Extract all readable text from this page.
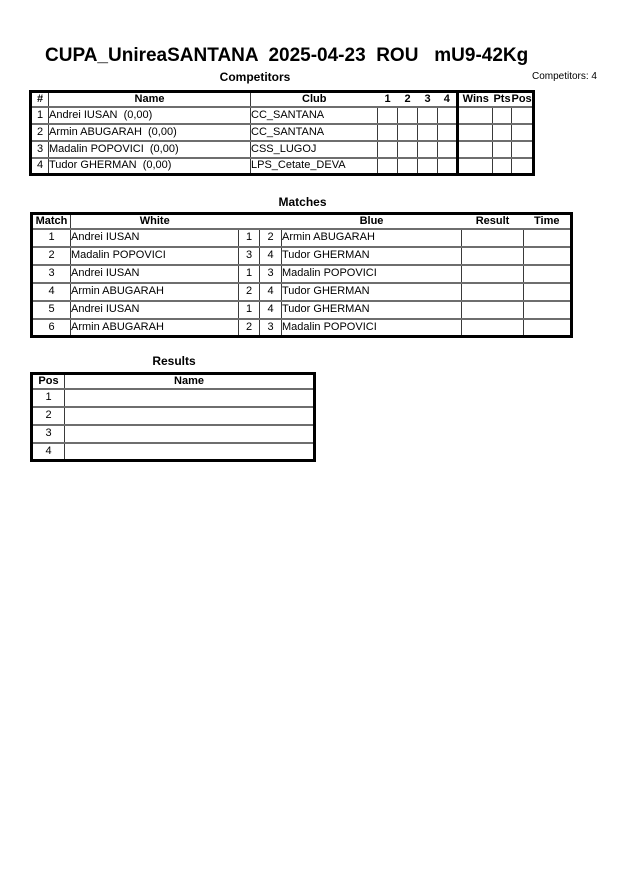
CUPA_UnireaSANTANA  2025-04-23  ROU   mU9-42Kg
Competitors	Competitors: 4
#	Name	Club	1	2	3	4	Wins	Pts	Pos
1	Andrei IUSAN  (0,00)	CC_SANTANA							
2	Armin ABUGARAH  (0,00)	CC_SANTANA							
3	Madalin POPOVICI  (0,00)	CSS_LUGOJ							
4	Tudor GHERMAN  (0,00)	LPS_Cetate_DEVA							
Matches
Match	White			Blue	Result	Time
1	Andrei IUSAN	1	2	Armin ABUGARAH		
2	Madalin POPOVICI	3	4	Tudor GHERMAN		
3	Andrei IUSAN	1	3	Madalin POPOVICI		
4	Armin ABUGARAH	2	4	Tudor GHERMAN		
5	Andrei IUSAN	1	4	Tudor GHERMAN		
6	Armin ABUGARAH	2	3	Madalin POPOVICI		
Results
Pos	Name
1	
2	
3	
4	
